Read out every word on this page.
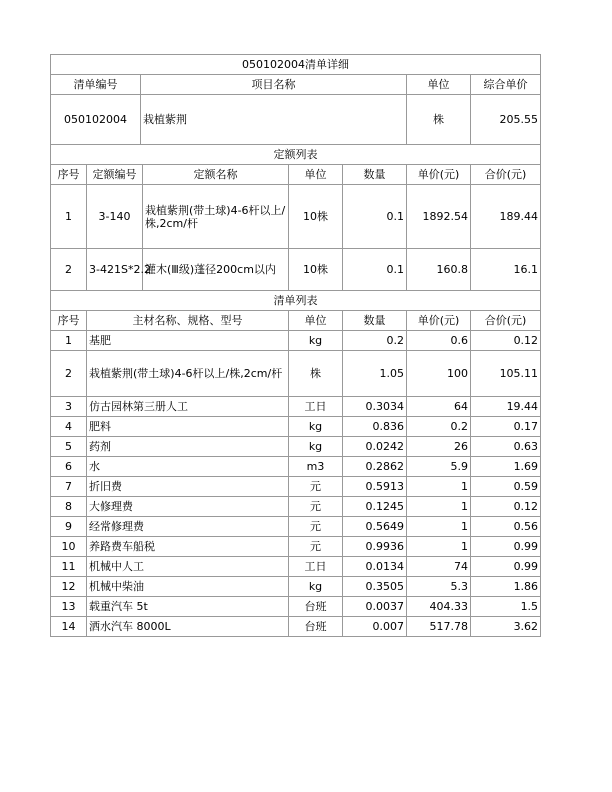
050102004清单详细			
清单编号	项目名称	单位	综合单价
050102004	栽植紫荆	株	205.55
定额列表						
序号	定额编号	定额名称	单位	数量	单价(元)	合价(元)
1	3-140	栽植紫荆(带土球)4-6杆以上/株,2cm/杆	10株	0.1	1892.54	189.44
2	3-421S*2.2	灌木(Ⅲ级)蓬径200cm以内	10株	0.1	160.8	16.1
清单列表					
序号	主材名称、规格、型号	单位	数量	单价(元)	合价(元)
1	基肥	kg	0.2	0.6	0.12
2	栽植紫荆(带土球)4-6杆以上/株,2cm/杆	株	1.05	100	105.11
3	仿古园林第三册人工	工日	0.3034	64	19.44
4	肥料	kg	0.836	0.2	0.17
5	药剂	kg	0.0242	26	0.63
6	水	m3	0.2862	5.9	1.69
7	折旧费	元	0.5913	1	0.59
8	大修理费	元	0.1245	1	0.12
9	经常修理费	元	0.5649	1	0.56
10	养路费车船税	元	0.9936	1	0.99
11	机械中人工	工日	0.0134	74	0.99
12	机械中柴油	kg	0.3505	5.3	1.86
13	载重汽车 5t	台班	0.0037	404.33	1.5
14	洒水汽车 8000L	台班	0.007	517.78	3.62
